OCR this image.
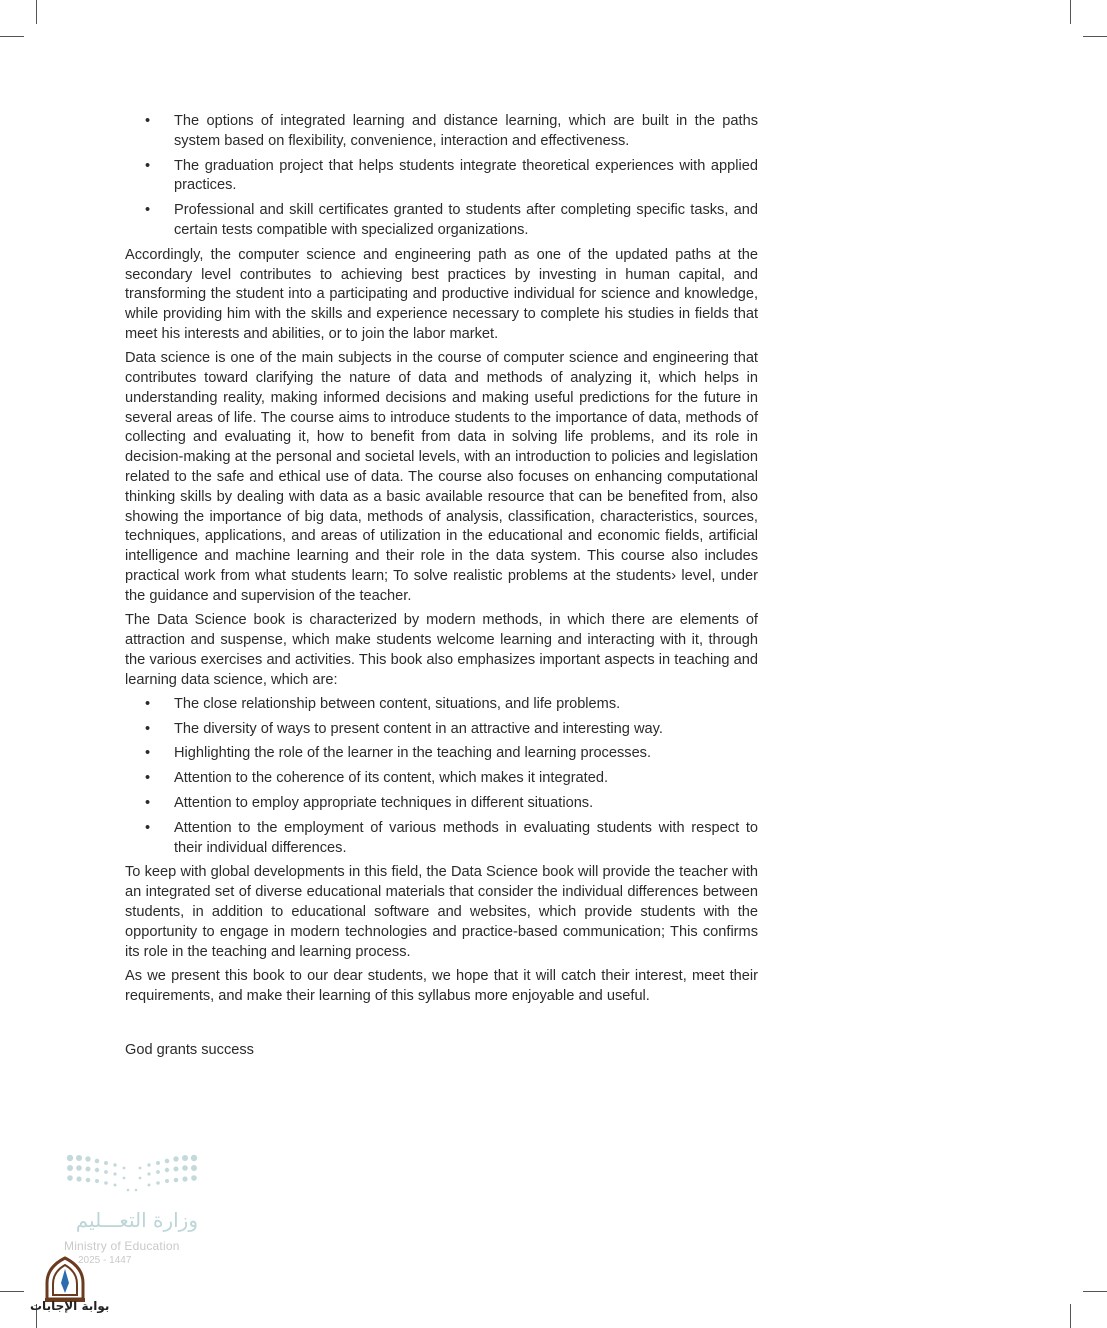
• The options of integrated learning and distance learning, which are built in the paths system based on flexibility, convenience, interaction and effectiveness.
• The graduation project that helps students integrate theoretical experiences with applied practices.
• Professional and skill certificates granted to students after completing specific tasks, and certain tests compatible with specialized organizations.

Accordingly, the computer science and engineering path as one of the updated paths at the secondary level contributes to achieving best practices by investing in human capital, and transforming the student into a participating and productive individual for science and knowledge, while providing him with the skills and experience necessary to complete his studies in fields that meet his interests and abilities, or to join the labor market.

Data science is one of the main subjects in the course of computer science and engineering that contributes toward clarifying the nature of data and methods of analyzing it, which helps in understanding reality, making informed decisions and making useful predictions for the future in several areas of life. The course aims to introduce students to the importance of data, methods of collecting and evaluating it, how to benefit from data in solving life problems, and its role in decision-making at the personal and societal levels, with an introduction to policies and legislation related to the safe and ethical use of data. The course also focuses on enhancing computational thinking skills by dealing with data as a basic available resource that can be benefited from, also showing the importance of big data, methods of analysis, classification, characteristics, sources, techniques, applications, and areas of utilization in the educational and economic fields, artificial intelligence and machine learning and their role in the data system. This course also includes practical work from what students learn; To solve realistic problems at the students› level, under the guidance and supervision of the teacher.

The Data Science book is characterized by modern methods, in which there are elements of attraction and suspense, which make students welcome learning and interacting with it, through the various exercises and activities. This book also emphasizes important aspects in teaching and learning data science, which are:

• The close relationship between content, situations, and life problems.
• The diversity of ways to present content in an attractive and interesting way.
• Highlighting the role of the learner in the teaching and learning processes.
• Attention to the coherence of its content, which makes it integrated.
• Attention to employ appropriate techniques in different situations.
• Attention to the employment of various methods in evaluating students with respect to their individual differences.

To keep with global developments in this field, the Data Science book will provide the teacher with an integrated set of diverse educational materials that consider the individual differences between students, in addition to educational software and websites, which provide students with the opportunity to engage in modern technologies and practice-based communication; This confirms its role in the teaching and learning process.

As we present this book to our dear students, we hope that it will catch their interest, meet their requirements, and make their learning of this syllabus more enjoyable and useful.

God grants success
وزارة التعـــليم
Ministry of Education
2025 - 1447
بوابة الإجابات
